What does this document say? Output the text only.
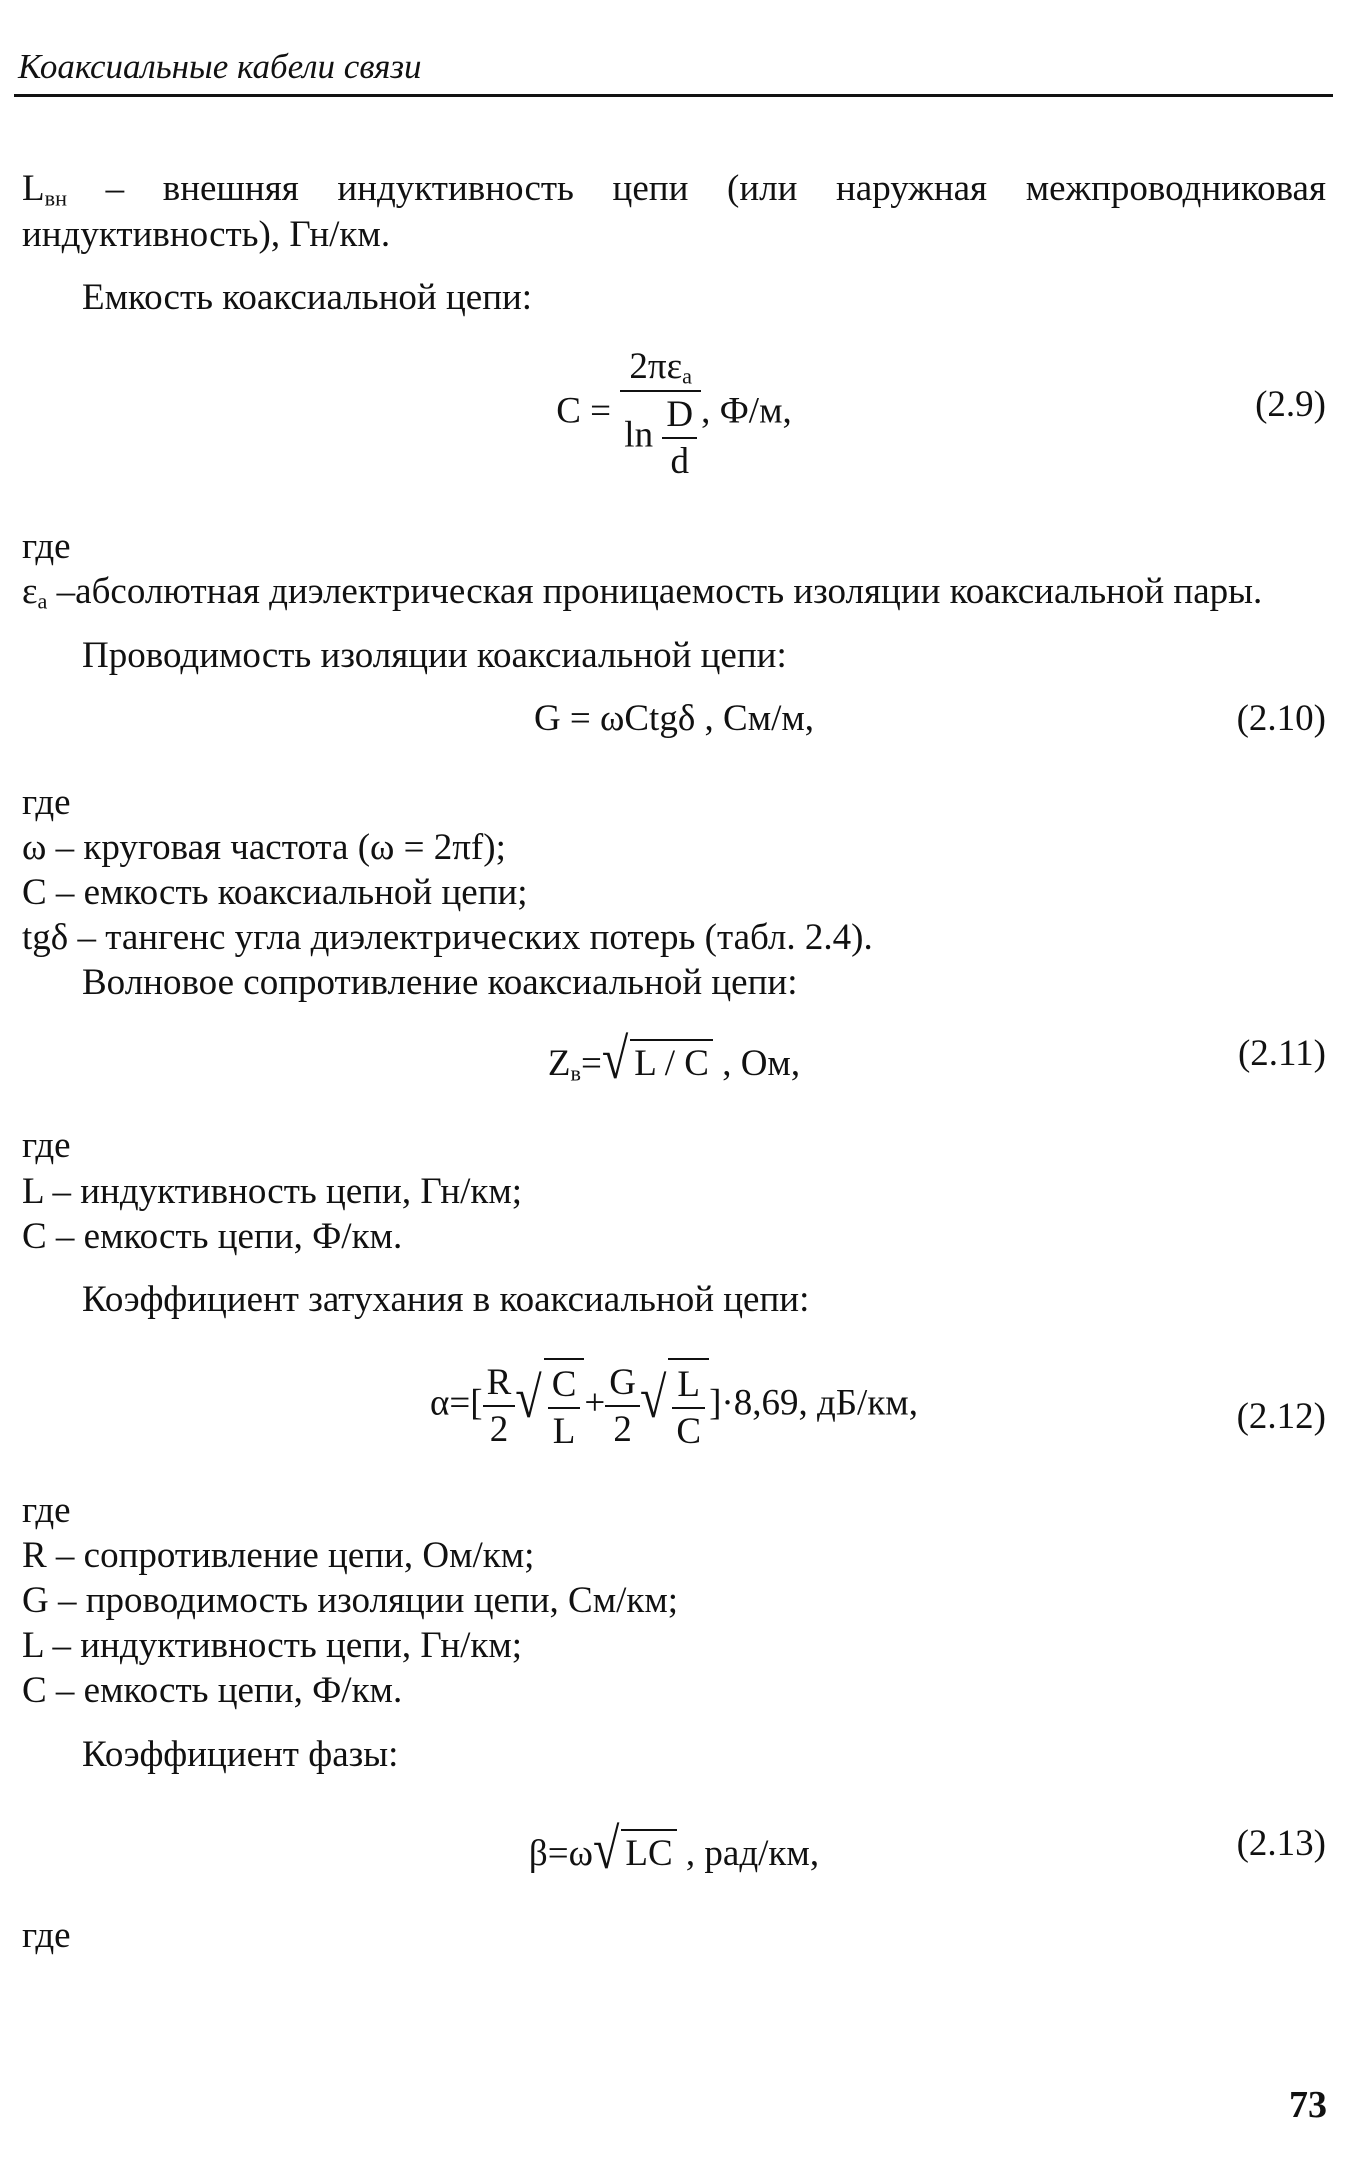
Коаксиальные кабели связи

$L_{вн}$ – внешняя индуктивность цепи (или наружная межпроводниковая индуктивность), Гн/км.

Емкость коаксиальной цепи:

$C = \frac{2\pi\varepsilon_a}{\ln \frac{D}{d}}$ , Ф/м,	(2.9)

где

$\varepsilon_а$ –абсолютная диэлектрическая проницаемость изоляции коаксиальной пары.

Проводимость изоляции коаксиальной цепи:

G = ωCtgδ , См/м,	(2.10)

где

ω – круговая частота (ω = 2πf);

C – емкость коаксиальной цепи;

tgδ – тангенс угла диэлектрических потерь (табл. 2.4).

Волновое сопротивление коаксиальной цепи:

$Z_в=√$ L / C , Ом,	(2.11)

где

L – индуктивность цепи, Гн/км;

C – емкость цепи, Ф/км.

Коэффициент затухания в коаксиальной цепи:

$\alpha=[ \frac{R}{2}$ √ $\frac{C}{L} + \frac{G}{2}$ √ $\frac{L}{C} ]\cdot 8,69$, дБ/км,	(2.12)

где

R – сопротивление цепи, Ом/км;

G – проводимость изоляции цепи, См/км;

L – индуктивность цепи, Гн/км;

C – емкость цепи, Ф/км.

Коэффициент фазы:

β=ω√ LC , рад/км,	(2.13)

где

73
